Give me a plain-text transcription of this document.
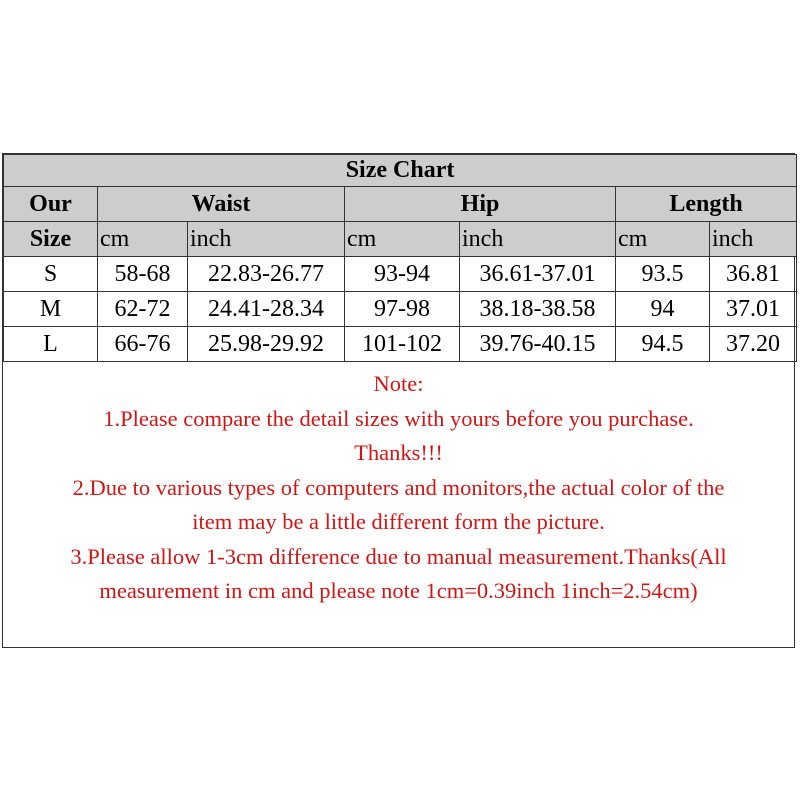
Size Chart						
Our	Waist		Hip		Length	
Size	cm	inch	cm	inch	cm	inch
S	58-68	22.83-26.77	93-94	36.61-37.01	93.5	36.81
M	62-72	24.41-28.34	97-98	38.18-38.58	94	37.01
L	66-76	25.98-29.92	101-102	39.76-40.15	94.5	37.20
Note:
1.Please compare the detail sizes with yours before you purchase.
Thanks!!!
2.Due to various types of computers and monitors,the actual color of the
item may be a little different form the picture.
3.Please allow 1-3cm difference due to manual measurement.Thanks(All
measurement in cm and please note 1cm=0.39inch 1inch=2.54cm)
